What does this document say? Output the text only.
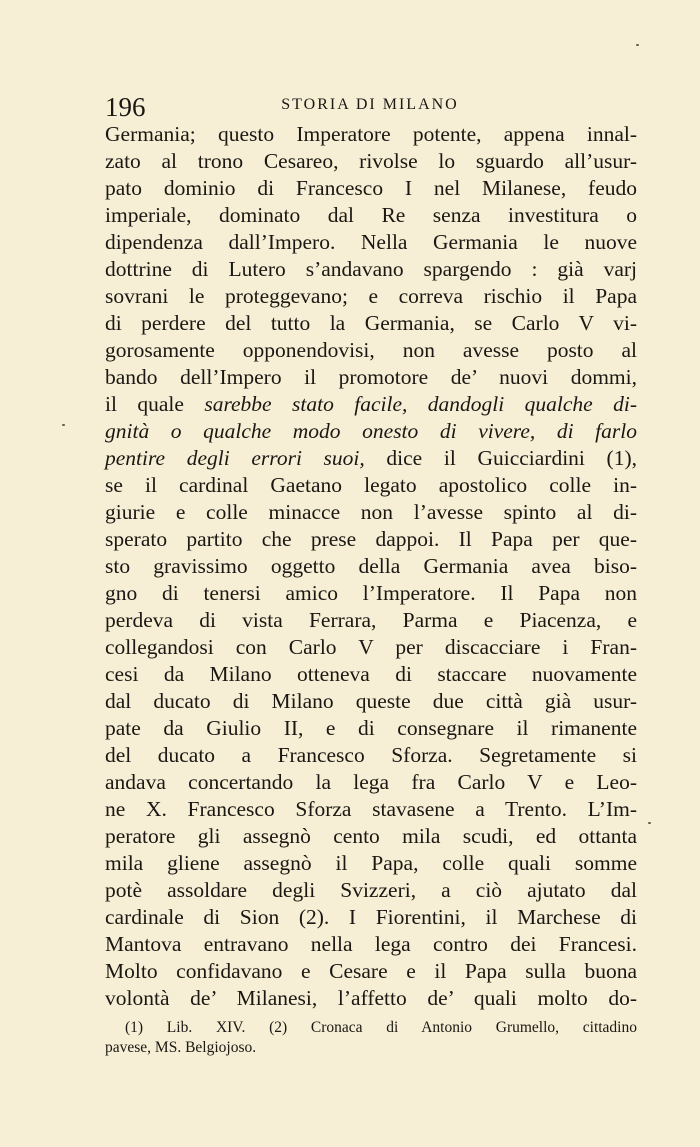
196	STORIA DI MILANO
Germania; questo Imperatore potente, appena innal-
zato al trono Cesareo, rivolse lo sguardo all’usur-
pato dominio di Francesco I nel Milanese, feudo
imperiale, dominato dal Re senza investitura o
dipendenza dall’Impero. Nella Germania le nuove
dottrine di Lutero s’andavano spargendo : già varj
sovrani le proteggevano; e correva rischio il Papa
di perdere del tutto la Germania, se Carlo V vi-
gorosamente opponendovisi, non avesse posto al
bando dell’Impero il promotore de’ nuovi dommi,
il quale sarebbe stato facile, dandogli qualche di-
gnità o qualche modo onesto di vivere, di farlo
pentire degli errori suoi, dice il Guicciardini (1),
se il cardinal Gaetano legato apostolico colle in-
giurie e colle minacce non l’avesse spinto al di-
sperato partito che prese dappoi. Il Papa per que-
sto gravissimo oggetto della Germania avea biso-
gno di tenersi amico l’Imperatore. Il Papa non
perdeva di vista Ferrara, Parma e Piacenza, e
collegandosi con Carlo V per discacciare i Fran-
cesi da Milano otteneva di staccare nuovamente
dal ducato di Milano queste due città già usur-
pate da Giulio II, e di consegnare il rimanente
del ducato a Francesco Sforza. Segretamente si
andava concertando la lega fra Carlo V e Leo-
ne X. Francesco Sforza stavasene a Trento. L’Im-
peratore gli assegnò cento mila scudi, ed ottanta
mila gliene assegnò il Papa, colle quali somme
potè assoldare degli Svizzeri, a ciò ajutato dal
cardinale di Sion (2). I Fiorentini, il Marchese di
Mantova entravano nella lega contro dei Francesi.
Molto confidavano e Cesare e il Papa sulla buona
volontà de’ Milanesi, l’affetto de’ quali molto do-
(1) Lib. XIV. (2) Cronaca di Antonio Grumello, cittadino
pavese, MS. Belgiojoso.
